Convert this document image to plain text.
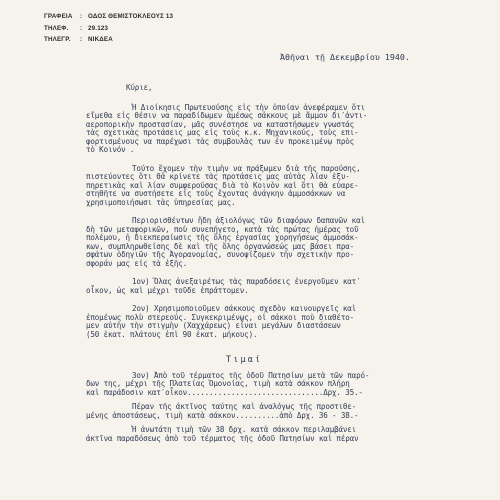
ΓΡΑΦΕΙΑ	: ΟΔΟΣ ΘΕΜΙΣΤΟΚΛΕΟΥΣ 13
ΤΗΛΕΦ.	: 29.123
ΤΗΛΕΓΡ.	: ΝΙΚΔΕΑ
Ἀθῆναι τῇ Δεκεμβρίου 1940.
Κύριε,
Ἡ Διοίκησις Πρωτευούσης εἰς τὴν ὁποίαν ἀνεφέραμεν ὅτι
εἴμεθα εἰς θέσιν να παραδίδωμεν ἀμέσως σάκκους μὲ ἄμμον δι᾽ἀντι-
αεροπορικὴν προστασίαν, μᾶς συνέστησε να καταστήσωμεν γνωστάς
τὰς σχετικὰς προτάσεις μας εἰς τοὺς κ.κ. Μηχανικούς, τοὺς επι-
φορτισμένους να παρέχωσι τὰς συμβουλὰς των ἐν προκειμένῳ πρὸς
τὸ Κοινόν .
Τούτο ἔχομεν τὴν τιμὴν να πράξωμεν διὰ τῆς παρούσης,
πιστεύοντες ὅτι θὰ κρίνετε τὰς προτάσεις μας αὐτὰς λίαν ἐξυ-
πηρετικὰς καὶ λίαν συμφερούσας διὰ τὸ Κοινὸν καὶ ὅτι θὰ εὐαρε-
στηθῆτε να συστήσετε εἰς τοὺς ἔχοντας ἀνάγκην ἀμμοσάκκων να
χρησιμοποιήσωσι τὰς ὑπηρεσίας μας.
Περιορισθέντων ἤδη ἀξιολόγως τῶν διαφόρων δαπανῶν καὶ
δὴ τῶν μεταφορικῶν, ποὺ συνεπήγετο, κατὰ τὰς πρώτας ἡμέρας τοῦ
πολέμου, ἡ διεκπεραίωσις τῆς ὅλης ἐργασίας χορηγήσεως ἀμμοσάκ-
κων, συμπληρωθείσης δὲ καὶ τῆς ὅλης ὀργανώσεώς μας βάσει πρα-
σφάτων ὁδηγιῶν τῆς Ἀγορανομίας, συνοψίζομεν τὴν σχετικὴν προ-
σφοράν μας εἰς τὰ ἑξῆς.
1ον) Ὅλας ἀνεξαιρέτως τὰς παραδόσεις ἐνεργοῦμεν κατ᾽
οἶκον, ὡς καὶ μέχρι τοῦδε ἐπράττομεν.
2ον) Χρησιμοποιοῦμεν σάκκους σχεδὸν καινουργεῖς καὶ
ἑπομένως πολὺ στερεούς. Συγκεκριμένως, οἱ σάκκοι ποὺ διαθέτο-
μεν αὐτὴν τὴν στιγμὴν (Χαχχάρεως) εἶναι μεγάλων διαστάσεων
(50 ἑκατ. πλάτους ἐπὶ 90 ἑκατ. μήκους).
Τιμαί
3ον) Ἀπὸ τοῦ τέρματος τῆς ὁδοῦ Πατησίων μετὰ τῶν παρό-
δων της, μέχρι τῆς Πλατείας Ὁμονοίας, τιμὴ κατὰ σάκκον πλήρη
καὶ παράδοσιν κατ᾽οἶκον...............................Δρχ. 35.-
Πέραν τῆς ἀκτῖνος ταύτης καὶ ἀναλόγως τῆς προστιθε-
μένης ἀποστάσεως, τιμὴ κατὰ σάκκον..........ἀπὸ Δρχ. 36 - 38.-
Ἡ ἀνωτάτη τιμὴ τῶν 38 δρχ. κατὰ σάκκον περιλαμβάνει
ἀκτῖνα παραδόσεως ἀπὸ τοῦ τέρματος τῆς ὁδοῦ Πατησίων καὶ πέραν
